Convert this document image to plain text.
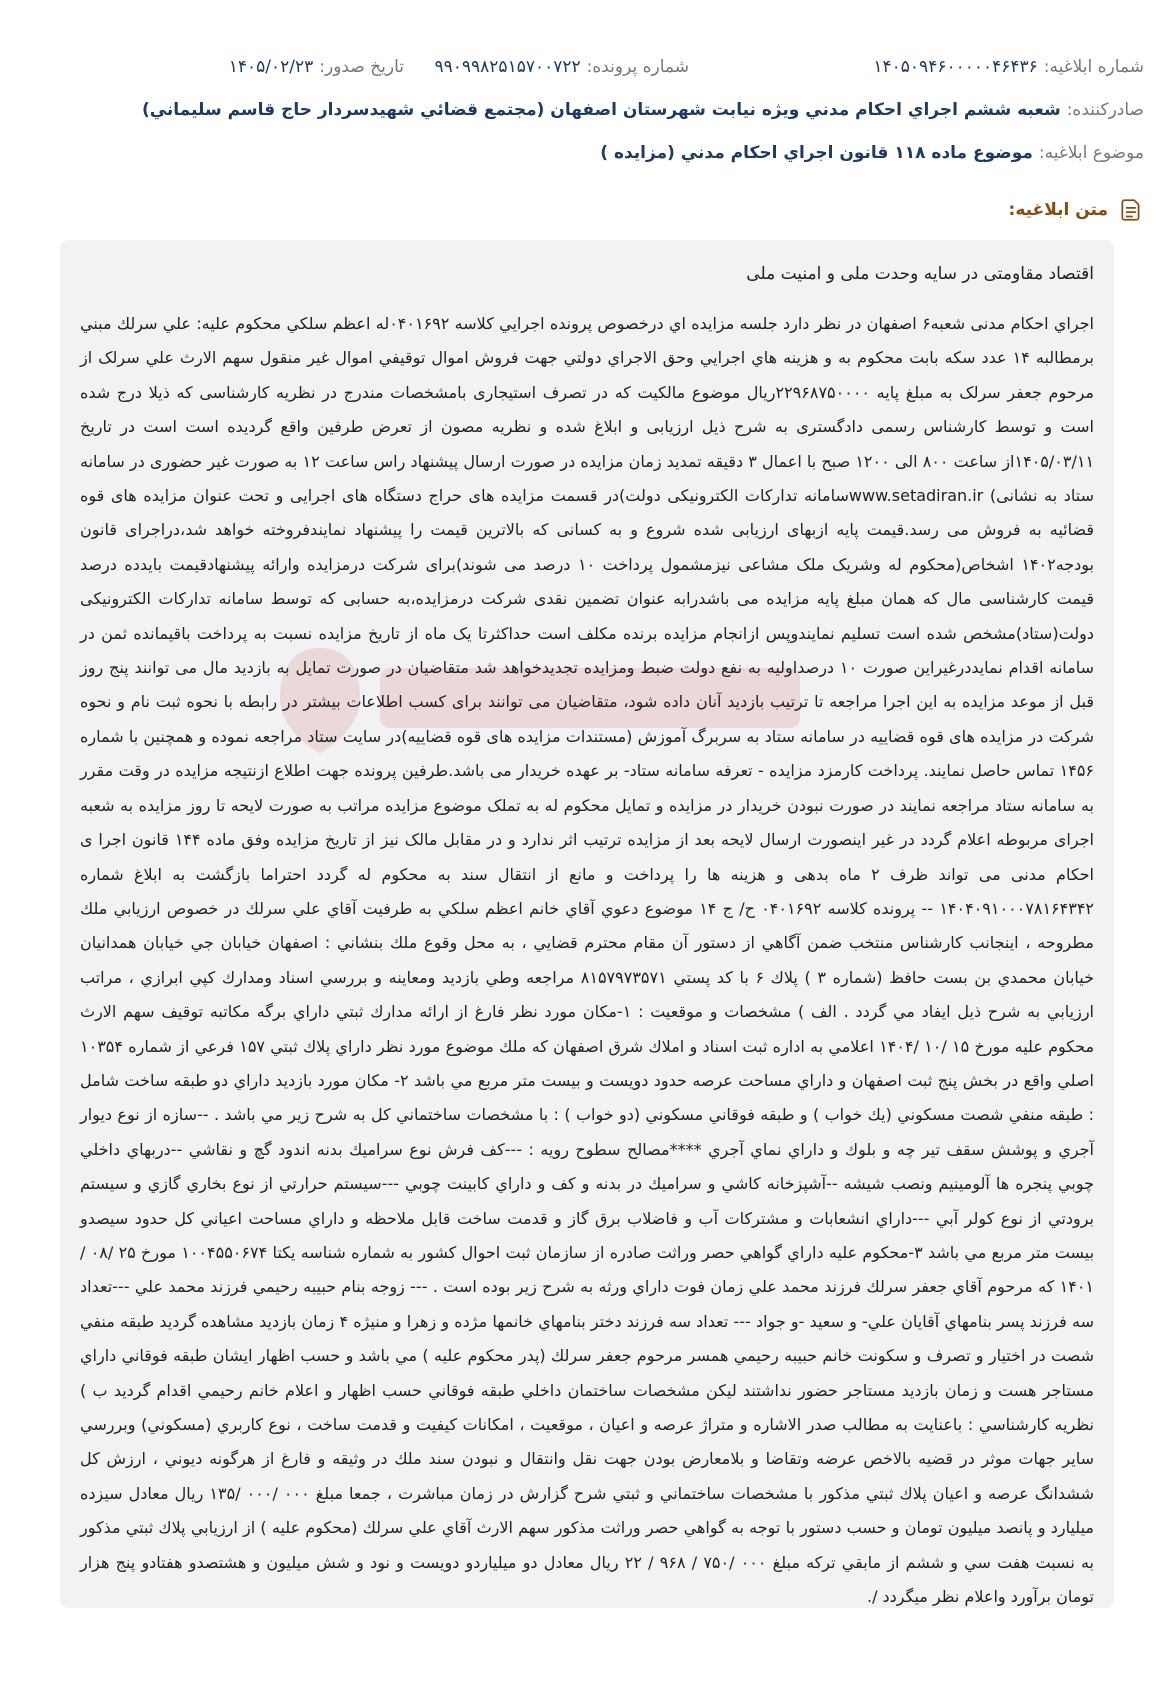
شماره ابلاغيه:
۱۴۰۵۰۹۴۶۰۰۰۰۰۴۶۴۳۶
شماره پرونده:
۹۹۰۹۹۸۲۵۱۵۷۰۰۷۲۲
تاريخ صدور:
۱۴۰۵/۰۲/۲۳
صادرکننده:
شعبه ششم اجراي احكام مدني ويژه نيابت شهرستان اصفهان (مجتمع قضائي شهيدسردار حاج قاسم سليماني)
موضوع ابلاغيه:
موضوع ماده ۱۱۸ قانون اجراي احکام مدني (مزايده )
متن ابلاغيه:
اقتصاد مقاومتی در سایه وحدت ملی و امنیت ملی
اجراي احکام مدنی شعبه۶ اصفهان در نظر دارد جلسه مزايده اي درخصوص پرونده اجرايي كلاسه ۰۴۰۱۶۹۲له اعظم سلكي محكوم عليه: علي سرلك مبني برمطالبه ۱۴ عدد سکه بابت محكوم به و هزينه هاي اجرايي وحق الاجراي دولتي جهت فروش اموال توقيفي اموال غير منقول سهم الارث علي سرلک از مرحوم جعفر سرلک به مبلغ پايه ۲۲۹۶۸۷۵۰۰۰۰ريال موضوع مالکيت که در تصرف استيجاری بامشخصات مندرج در نظريه کارشناسی که ذيلا درج شده است و توسط کارشناس رسمی دادگستری به شرح ذيل ارزيابی و ابلاغ شده و نظريه مصون از تعرض طرفين واقع گرديده است است در تاريخ ۱۴۰۵/۰۳/۱۱از ساعت ۸۰۰ الی ۱۲۰۰ صبح با اعمال ۳ دقيقه تمديد زمان مزايده در صورت ارسال پيشنهاد راس ساعت ۱۲ به صورت غير حضوری در سامانه ستاد به نشانی) www.setadiran.irسامانه تدارکات الکترونيکی دولت)در قسمت مزايده های حراج دستگاه های اجرايی و تحت عنوان مزايده های قوه قضائيه به فروش می رسد.قيمت پايه ازبهای ارزيابی شده شروع و به کسانی که بالاترين قيمت را پيشنهاد نمايندفروخته خواهد شد،دراجرای قانون بودجه۱۴۰۲ اشخاص(محکوم له وشريک ملک مشاعی نيزمشمول پرداخت ۱۰ درصد می شوند)برای شرکت درمزايده وارائه پيشنهادقيمت بايدده درصد قيمت کارشناسی مال که همان مبلغ پايه مزايده می باشدرابه عنوان تضمين نقدی شرکت درمزايده،به حسابی که توسط سامانه تدارکات الکترونيکی دولت(ستاد)مشخص شده است تسليم نمايندوپس ازانجام مزايده برنده مکلف است حداکثرتا يک ماه از تاريخ مزايده نسبت به پرداخت باقيمانده ثمن در سامانه اقدام نمايددرغيراين صورت ۱۰ درصداوليه به نفع دولت ضبط ومزايده تجديدخواهد شد متقاضيان در صورت تمايل به بازديد مال می توانند پنج روز قبل از موعد مزايده به اين اجرا مراجعه تا ترتيب بازديد آنان داده شود، متقاضيان می توانند برای کسب اطلاعات بيشتر در رابطه با نحوه ثبت نام و نحوه شرکت در مزايده های قوه قضاييه در سامانه ستاد به سربرگ آموزش (مستندات مزايده های قوه قضاييه)در سايت ستاد مراجعه نموده و همچنين با شماره ۱۴۵۶ تماس حاصل نمايند. پرداخت کارمزد مزايده - تعرفه سامانه ستاد- بر عهده خريدار می باشد.طرفين پرونده جهت اطلاع ازنتيجه مزايده در وقت مقرر به سامانه ستاد مراجعه نمايند در صورت نبودن خريدار در مزايده و تمايل محکوم له به تملک موضوع مزايده مراتب به صورت لايحه تا روز مزايده به شعبه اجرای مربوطه اعلام گردد در غير اينصورت ارسال لايحه بعد از مزايده ترتيب اثر ندارد و در مقابل مالک نيز از تاريخ مزايده وفق ماده ۱۴۴ قانون اجرا ی احکام مدنی می تواند ظرف ۲ ماه بدهی و هزينه ها را پرداخت و مانع از انتقال سند به محکوم له گردد احتراما بازگشت به ابلاغ شماره ۱۴۰۴۰۹۱۰۰۰۷۸۱۶۴۳۴۲ -- پرونده كلاسه ۰۴۰۱۶۹۲ ح/ ج ۱۴ موضوع دعوي آقاي خانم اعظم سلكي به طرفيت آقاي علي سرلك در خصوص ارزيابي ملك مطروحه ، اينجانب كارشناس منتخب ضمن آگاهي از دستور آن مقام محترم قضايي ، به محل وقوع ملك بنشاني : اصفهان خيابان جي خيابان همدانيان خيابان محمدي بن بست حافظ (شماره ۳ ) پلاك ۶ با كد پستي ۸۱۵۷۹۷۳۵۷۱ مراجعه وطي بازديد ومعاينه و بررسي اسناد ومدارك كپي ابرازي ، مراتب ارزيابي به شرح ذيل ايفاد مي گردد . الف ) مشخصات و موقعيت : ۱-مكان مورد نظر فارغ از ارائه مدارك ثبتي داراي برگه مكاتبه توقيف سهم الارث محكوم عليه مورخ ۱۵ /۱۰ /۱۴۰۴ اعلامي به اداره ثبت اسناد و املاك شرق اصفهان كه ملك موضوع مورد نظر داراي پلاك ثبتي ۱۵۷ فرعي از شماره ۱۰۳۵۴ اصلي واقع در بخش پنج ثبت اصفهان و داراي مساحت عرصه حدود دويست و بيست متر مربع مي باشد ۲- مكان مورد بازديد داراي دو طبقه ساخت شامل : طبقه منفي شصت مسكوني (يك خواب ) و طبقه فوقاني مسكوني (دو خواب ) : با مشخصات ساختماني كل به شرح زير مي باشد . --سازه از نوع ديوار آجري و پوشش سقف تير چه و بلوك و داراي نماي آجري ****مصالح سطوح رويه : ---كف فرش نوع سراميك بدنه اندود گچ و نقاشي --دربهاي داخلي چوبي پنجره ها آلومينيم ونصب شيشه --آشپزخانه كاشي و سراميك در بدنه و كف و داراي كابينت چوبي ---سيستم حرارتي از نوع بخاري گازي و سيستم برودتي از نوع كولر آبي ---داراي انشعابات و مشتركات آب و فاضلاب برق گاز و قدمت ساخت قابل ملاحظه و داراي مساحت اعياني كل حدود سيصدو بيست متر مربع مي باشد ۳-محكوم عليه داراي گواهي حصر وراثت صادره از سازمان ثبت احوال كشور به شماره شناسه يكتا ۱۰۰۴۵۵۰۶۷۴ مورخ ۲۵ /۰۸ /۱۴۰۱ كه مرحوم آقاي جعفر سرلك فرزند محمد علي زمان فوت داراي ورثه به شرح زير بوده است . --- زوجه بنام حبيبه رحيمي فرزند محمد علي ---تعداد سه فرزند پسر بنامهاي آقايان علي- و سعيد -و جواد --- تعداد سه فرزند دختر بنامهاي خانمها مژده و زهرا و منيژه ۴ زمان بازديد مشاهده گرديد طبقه منفي شصت در اختيار و تصرف و سكونت خانم حبيبه رحيمي همسر مرحوم جعفر سرلك (پدر محكوم عليه ) مي باشد و حسب اظهار ايشان طبقه فوقاني داراي مستاجر هست و زمان بازديد مستاجر حضور نداشتند ليكن مشخصات ساختمان داخلي طبقه فوقاني حسب اظهار و اعلام خانم رحيمي اقدام گرديد ب ) نظريه كارشناسي : باعنايت به مطالب صدر الاشاره و متراژ عرصه و اعيان ، موقعيت ، امكانات كيفيت و قدمت ساخت ، نوع كاربري (مسكوني) وبررسي ساير جهات موثر در قضيه بالاخص عرضه وتقاضا و بلامعارض بودن جهت نقل وانتقال و نبودن سند ملك در وثيقه و فارغ از هرگونه ديوني ، ارزش كل ششدانگ عرصه و اعيان پلاك ثبتي مذكور با مشخصات ساختماني و ثبتي شرح گزارش در زمان مباشرت ، جمعا مبلغ ۰۰۰ /۰۰۰ /۱۳۵ ريال معادل سيزده ميليارد و پانصد ميليون تومان و حسب دستور با توجه به گواهي حصر وراثت مذكور سهم الارث آقاي علي سرلك (محكوم عليه ) از ارزيابي پلاك ثبتي مذكور به نسبت هفت سي و ششم از مابقي تركه مبلغ ۰۰۰ /۷۵۰ / ۹۶۸ / ۲۲ ريال معادل دو ميلياردو دويست و نود و شش ميليون و هشتصدو هفتادو پنج هزار تومان برآورد واعلام نظر ميگردد /.
